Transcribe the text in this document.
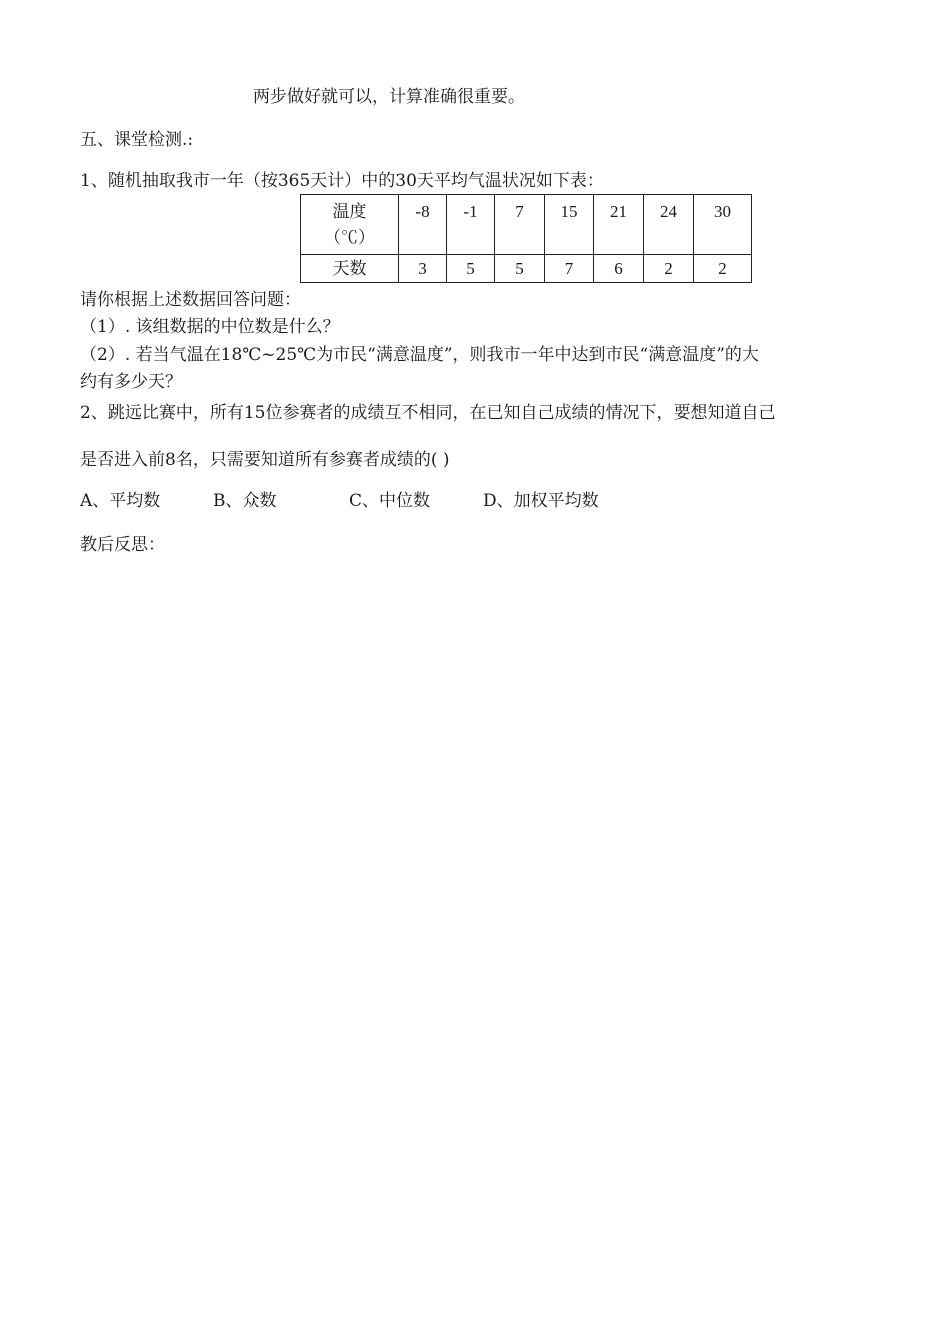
两步做好就可以，计算准确很重要。
五、课堂检测.:
1、随机抽取我市一年（按365天计）中的30天平均气温状况如下表：
温度
（℃）	-8	-1	7	15	21	24	30
天数	3	5	5	7	6	2	2
请你根据上述数据回答问题：
（1）. 该组数据的中位数是什么？
（2）. 若当气温在18℃~25℃为市民“满意温度”，则我市一年中达到市民“满意温度”的大
约有多少天？
2、跳远比赛中，所有15位参赛者的成绩互不相同，在已知自己成绩的情况下，要想知道自己
是否进入前8名，只需要知道所有参赛者成绩的( )
A、平均数	B、众数	C、中位数	D、加权平均数
教后反思：
